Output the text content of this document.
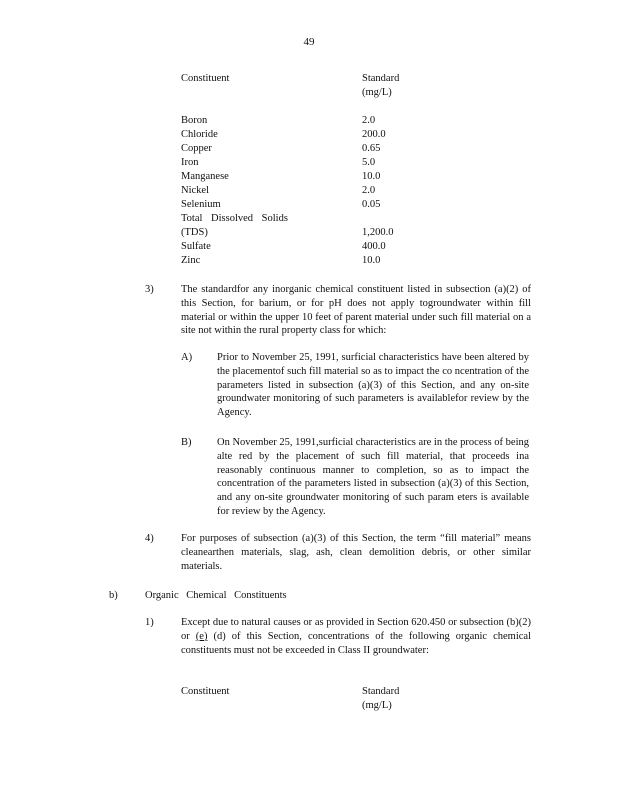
49
Constituent	Standard
(mg/L)
Boron	2.0
Chloride	200.0
Copper	0.65
Iron	5.0
Manganese	10.0
Nickel	2.0
Selenium	0.05
Total Dissolved Solids
(TDS)	1,200.0
Sulfate	400.0
Zinc	10.0
3)	The standardfor any inorganic chemical constituent listed in subsection (a)(2) of this Section, for barium, or for pH does not apply togroundwater within fill material or within the upper 10 feet of parent material under such fill material on a site not within the rural property class for which:
A) Prior to November 25, 1991, surficial characteristics have been altered by the placementof such fill material so as to impact the co ncentration of the parameters listed in subsection (a)(3) of this Section, and any on-site groundwater monitoring of such parameters is availablefor review by the Agency.
B) On November 25, 1991,surficial characteristics are in the process of being alte red by the placement of such fill material, that proceeds ina reasonably continuous manner to completion, so as to impact the concentration of the parameters listed in subsection (a)(3) of this Section, and any on-site groundwater monitoring of such param eters is available for review by the Agency.
4)	For purposes of subsection (a)(3) of this Section, the term “fill material” means cleanearthen materials, slag, ash, clean demolition debris, or other similar materials.
b)	Organic Chemical Constituents
1)	Except due to natural causes or as provided in Section 620.450 or subsection (b)(2) or (e) (d) of this Section, concentrations of the following organic chemical constituents must not be exceeded in Class II groundwater:
Constituent	Standard
(mg/L)
